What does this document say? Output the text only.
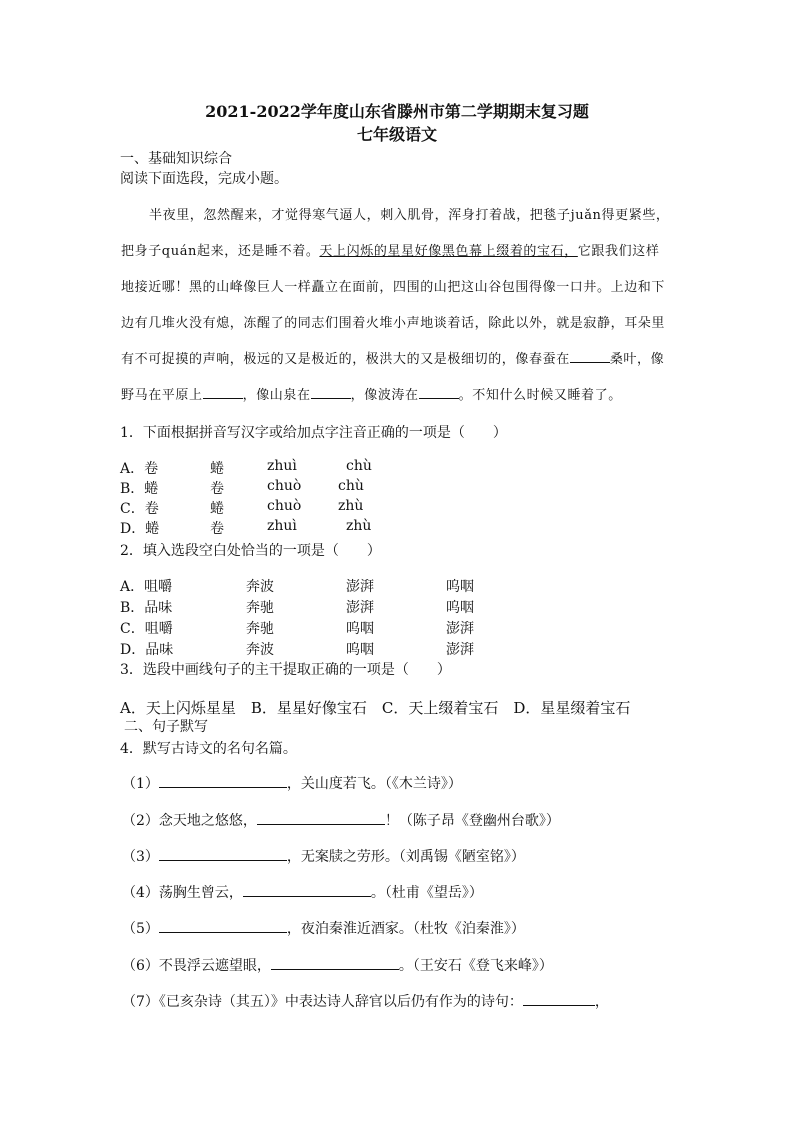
2021-2022学年度山东省滕州市第二学期期末复习题
七年级语文
一、基础知识综合
阅读下面选段，完成小题。
半夜里，忽然醒来，才觉得寒气逼人，刺入肌骨，浑身打着战，把毯子juǎn得更紧些，
把身子quán起来，还是睡不着。天上闪烁的星星好像黑色幕上缀着的宝石，它跟我们这样
地接近哪！黑的山峰像巨人一样矗立在面前，四围的山把这山谷包围得像一口井。上边和下
边有几堆火没有熄，冻醒了的同志们围着火堆小声地谈着话，除此以外，就是寂静，耳朵里
有不可捉摸的声响，极远的又是极近的，极洪大的又是极细切的，像春蚕在	桑叶，像
野马在平原上	，像山泉在	，像波涛在	。不知什么时候又睡着了。
1．下面根据拼音写汉字或给加点字注音正确的一项是（　　）
A．卷	蜷	zhuì	chù
B．蜷	卷	chuò	chù
C．卷	蜷	chuò	zhù
D．蜷	卷	zhuì	zhù
2．填入选段空白处恰当的一项是（　　）
A．咀嚼	奔波	澎湃	呜咽
B．品味	奔驰	澎湃	呜咽
C．咀嚼	奔驰	呜咽	澎湃
D．品味	奔波	呜咽	澎湃
3．选段中画线句子的主干提取正确的一项是（　　）
A．天上闪烁星星　B．星星好像宝石　C．天上缀着宝石　D．星星缀着宝石
二、句子默写
4．默写古诗文的名句名篇。
（1）	，关山度若飞。（《木兰诗》）
（2）念天地之悠悠，	！（陈子昂《登幽州台歌》）
（3）	，无案牍之劳形。（刘禹锡《陋室铭》）
（4）荡胸生曾云，	。（杜甫《望岳》）
（5）	，夜泊秦淮近酒家。（杜牧《泊秦淮》）
（6）不畏浮云遮望眼，	。（王安石《登飞来峰》）
（7）《已亥杂诗（其五）》中表达诗人辞官以后仍有作为的诗句：	，
